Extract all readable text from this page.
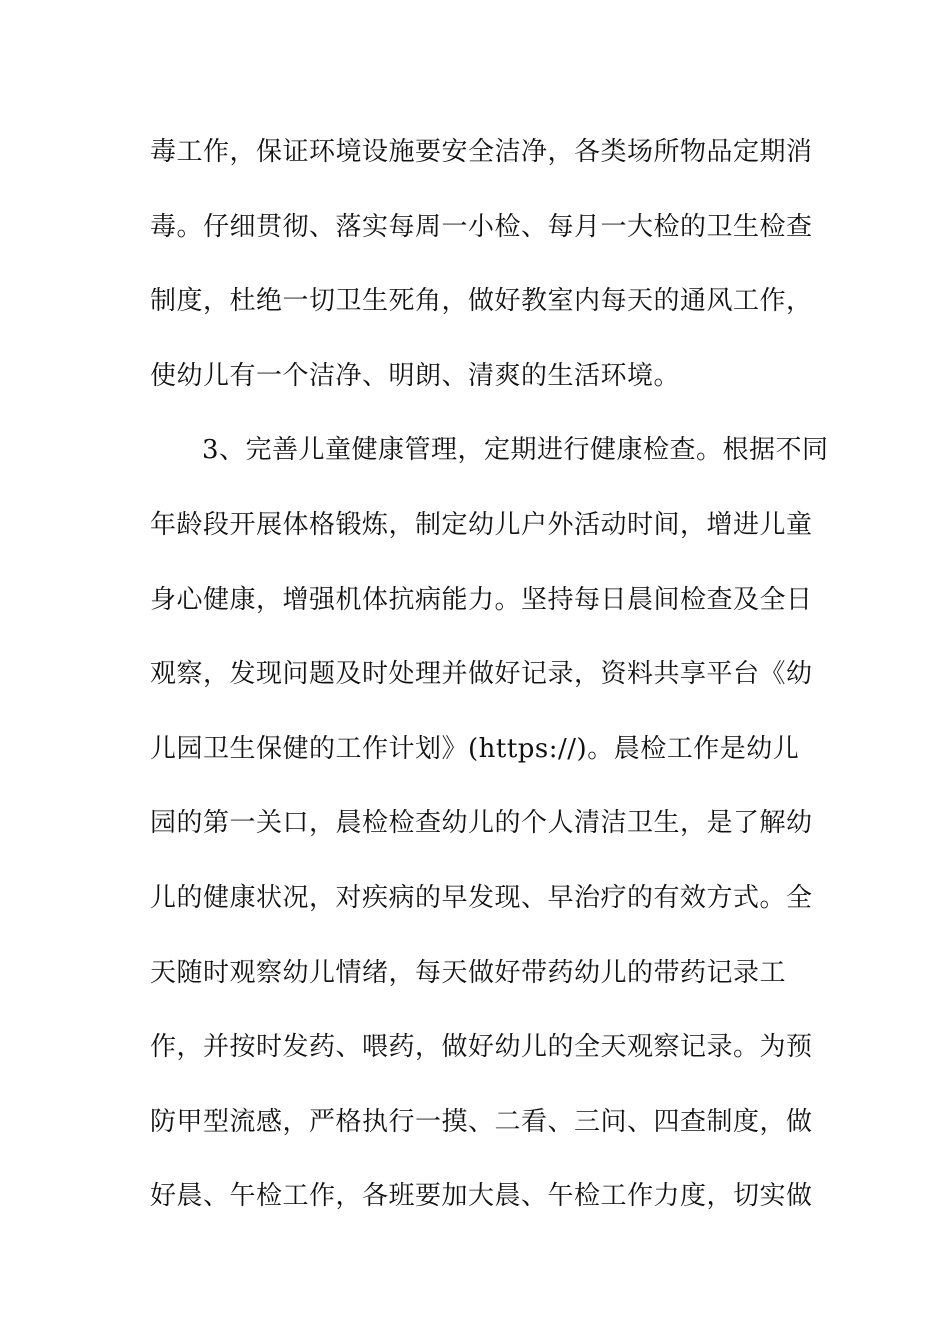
毒工作，保证环境设施要安全洁净，各类场所物品定期消
毒。仔细贯彻、落实每周一小检、每月一大检的卫生检查
制度，杜绝一切卫生死角，做好教室内每天的通风工作，
使幼儿有一个洁净、明朗、清爽的生活环境。
3、完善儿童健康管理，定期进行健康检查。根据不同
年龄段开展体格锻炼，制定幼儿户外活动时间，增进儿童
身心健康，增强机体抗病能力。坚持每日晨间检查及全日
观察，发现问题及时处理并做好记录，资料共享平台《幼
儿园卫生保健的工作计划》(https://)。晨检工作是幼儿
园的第一关口，晨检检查幼儿的个人清洁卫生，是了解幼
儿的健康状况，对疾病的早发现、早治疗的有效方式。全
天随时观察幼儿情绪，每天做好带药幼儿的带药记录工
作，并按时发药、喂药，做好幼儿的全天观察记录。为预
防甲型流感，严格执行一摸、二看、三问、四查制度，做
好晨、午检工作，各班要加大晨、午检工作力度，切实做
